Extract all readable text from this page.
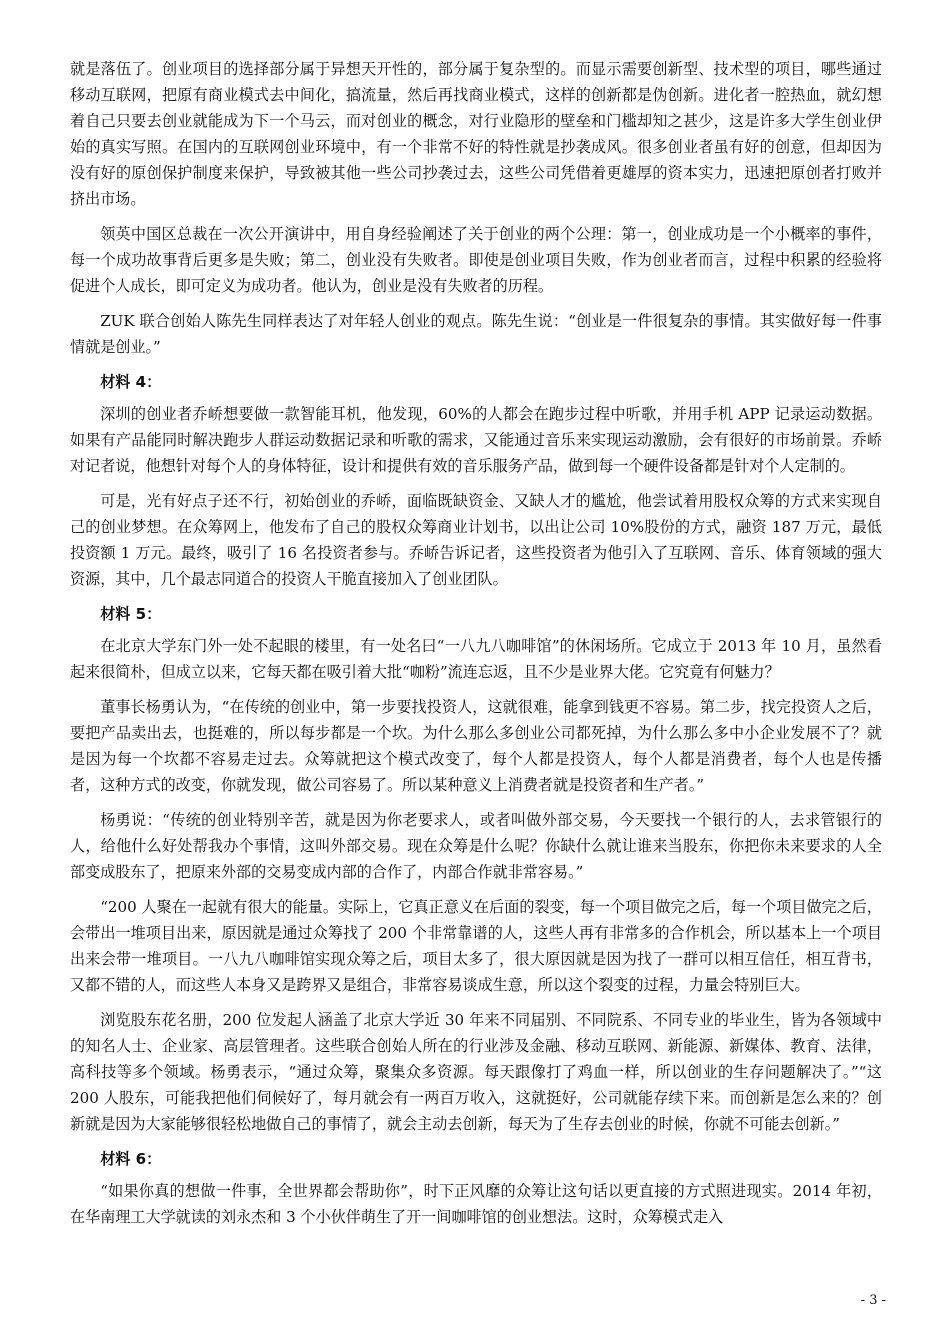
就是落伍了。创业项目的选择部分属于异想天开性的，部分属于复杂型的。而显示需要创新型、技术型的项目，哪些通过移动互联网，把原有商业模式去中间化，搞流量，然后再找商业模式，这样的创新都是伪创新。进化者一腔热血，就幻想着自己只要去创业就能成为下一个马云，而对创业的概念，对行业隐形的壁垒和门槛却知之甚少，这是许多大学生创业伊始的真实写照。在国内的互联网创业环境中，有一个非常不好的特性就是抄袭成风。很多创业者虽有好的创意，但却因为没有好的原创保护制度来保护，导致被其他一些公司抄袭过去，这些公司凭借着更雄厚的资本实力，迅速把原创者打败并挤出市场。

领英中国区总裁在一次公开演讲中，用自身经验阐述了关于创业的两个公理：第一，创业成功是一个小概率的事件，每一个成功故事背后更多是失败；第二，创业没有失败者。即使是创业项目失败，作为创业者而言，过程中积累的经验将促进个人成长，即可定义为成功者。他认为，创业是没有失败者的历程。

ZUK 联合创始人陈先生同样表达了对年轻人创业的观点。陈先生说：“创业是一件很复杂的事情。其实做好每一件事情就是创业。”

材料 4：

深圳的创业者乔峤想要做一款智能耳机，他发现，60%的人都会在跑步过程中听歌，并用手机 APP 记录运动数据。如果有产品能同时解决跑步人群运动数据记录和听歌的需求，又能通过音乐来实现运动激励，会有很好的市场前景。乔峤对记者说，他想针对每个人的身体特征，设计和提供有效的音乐服务产品，做到每一个硬件设备都是针对个人定制的。

可是，光有好点子还不行，初始创业的乔峤，面临既缺资金、又缺人才的尴尬，他尝试着用股权众筹的方式来实现自己的创业梦想。在众筹网上，他发布了自己的股权众筹商业计划书，以出让公司 10%股份的方式，融资 187 万元，最低投资额 1 万元。最终，吸引了 16 名投资者参与。乔峤告诉记者，这些投资者为他引入了互联网、音乐、体育领域的强大资源，其中，几个最志同道合的投资人干脆直接加入了创业团队。

材料 5：

在北京大学东门外一处不起眼的楼里，有一处名曰“一八九八咖啡馆”的休闲场所。它成立于 2013 年 10 月，虽然看起来很简朴，但成立以来，它每天都在吸引着大批“咖粉”流连忘返，且不少是业界大佬。它究竟有何魅力？

董事长杨勇认为，“在传统的创业中，第一步要找投资人，这就很难，能拿到钱更不容易。第二步，找完投资人之后，要把产品卖出去，也挺难的，所以每步都是一个坎。为什么那么多创业公司都死掉，为什么那么多中小企业发展不了？就是因为每一个坎都不容易走过去。众筹就把这个模式改变了，每个人都是投资人，每个人都是消费者，每个人也是传播者，这种方式的改变，你就发现，做公司容易了。所以某种意义上消费者就是投资者和生产者。”

杨勇说：“传统的创业特别辛苦，就是因为你老要求人，或者叫做外部交易，今天要找一个银行的人，去求管银行的人，给他什么好处帮我办个事情，这叫外部交易。现在众筹是什么呢？你缺什么就让谁来当股东，你把你未来要求的人全部变成股东了，把原来外部的交易变成内部的合作了，内部合作就非常容易。”

“200 人聚在一起就有很大的能量。实际上，它真正意义在后面的裂变，每一个项目做完之后，每一个项目做完之后，会带出一堆项目出来，原因就是通过众筹找了 200 个非常靠谱的人，这些人再有非常多的合作机会，所以基本上一个项目出来会带一堆项目。一八九八咖啡馆实现众筹之后，项目太多了，很大原因就是因为找了一群可以相互信任，相互背书，又都不错的人，而这些人本身又是跨界又是组合，非常容易谈成生意，所以这个裂变的过程，力量会特别巨大。

浏览股东花名册，200 位发起人涵盖了北京大学近 30 年来不同届别、不同院系、不同专业的毕业生，皆为各领域中的知名人士、企业家、高层管理者。这些联合创始人所在的行业涉及金融、移动互联网、新能源、新媒体、教育、法律，高科技等多个领域。杨勇表示，“通过众筹，聚集众多资源。每天跟像打了鸡血一样，所以创业的生存问题解决了。”“这 200 人股东，可能我把他们伺候好了，每月就会有一两百万收入，这就挺好，公司就能存续下来。而创新是怎么来的？创新就是因为大家能够很轻松地做自己的事情了，就会主动去创新，每天为了生存去创业的时候，你就不可能去创新。”

材料 6：

“如果你真的想做一件事，全世界都会帮助你”，时下正风靡的众筹让这句话以更直接的方式照进现实。2014 年初，在华南理工大学就读的刘永杰和 3 个小伙伴萌生了开一间咖啡馆的创业想法。这时，众筹模式走入

- 3 -
